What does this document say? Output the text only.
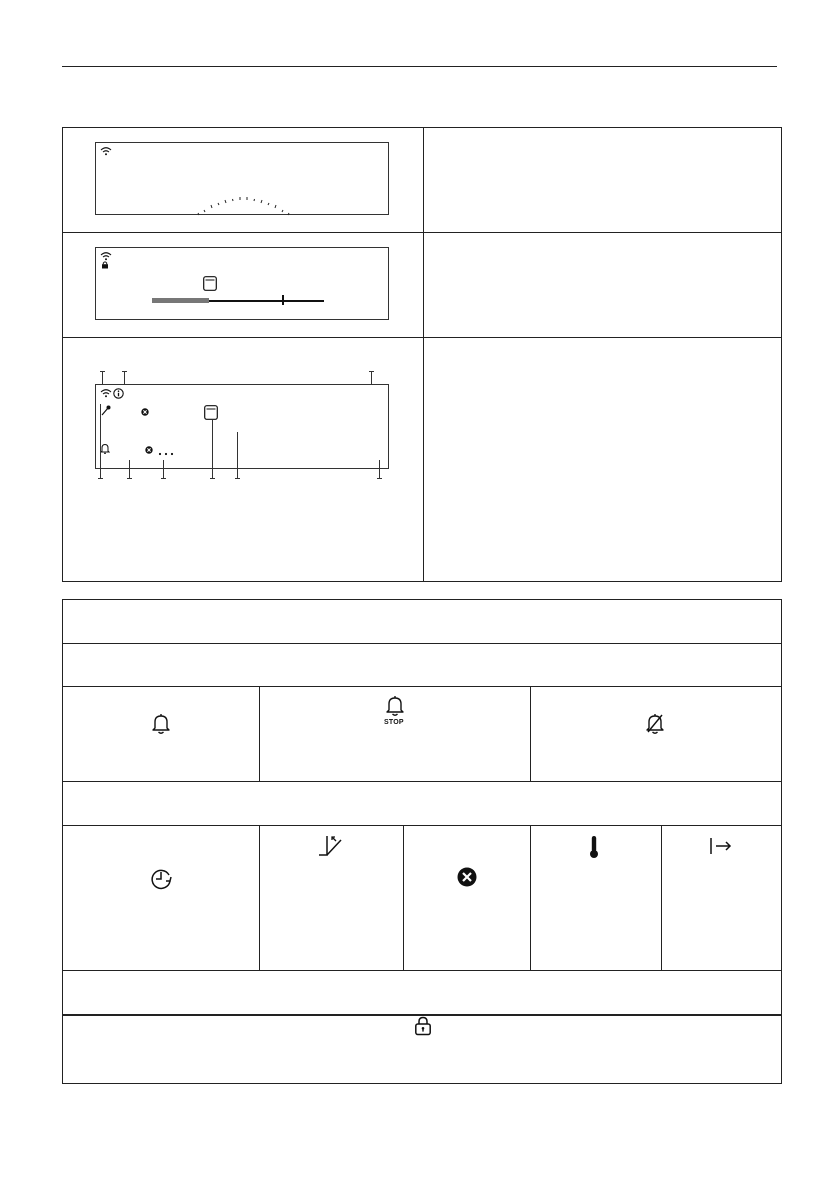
STOP
